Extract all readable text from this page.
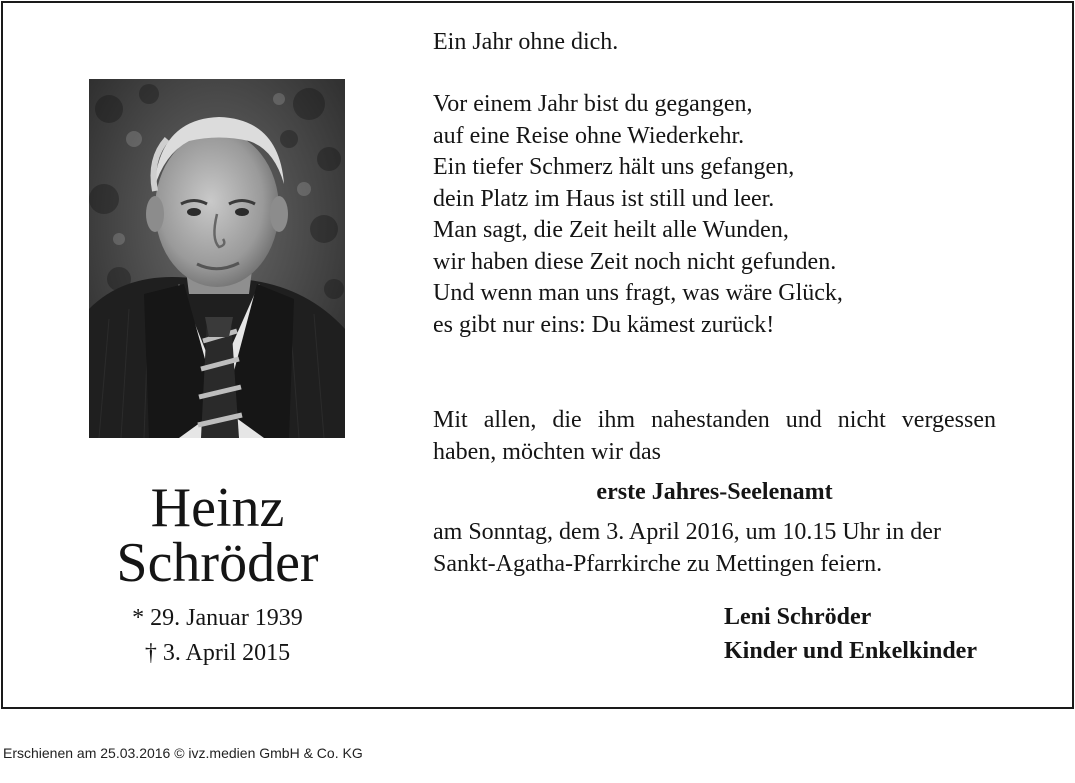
Heinz
Schröder
* 29. Januar 1939
† 3. April 2015
Ein Jahr ohne dich.
Vor einem Jahr bist du gegangen,
auf eine Reise ohne Wiederkehr.
Ein tiefer Schmerz hält uns gefangen,
dein Platz im Haus ist still und leer.
Man sagt, die Zeit heilt alle Wunden,
wir haben diese Zeit noch nicht gefunden.
Und wenn man uns fragt, was wäre Glück,
es gibt nur eins: Du kämest zurück!
Mit allen, die ihm nahestanden und nicht vergessen
haben, möchten wir das
erste Jahres-Seelenamt
am Sonntag, dem 3. April 2016, um 10.15 Uhr in der
Sankt-Agatha-Pfarrkirche zu Mettingen feiern.
Leni Schröder
Kinder und Enkelkinder
Erschienen am 25.03.2016 © ivz.medien GmbH & Co. KG
